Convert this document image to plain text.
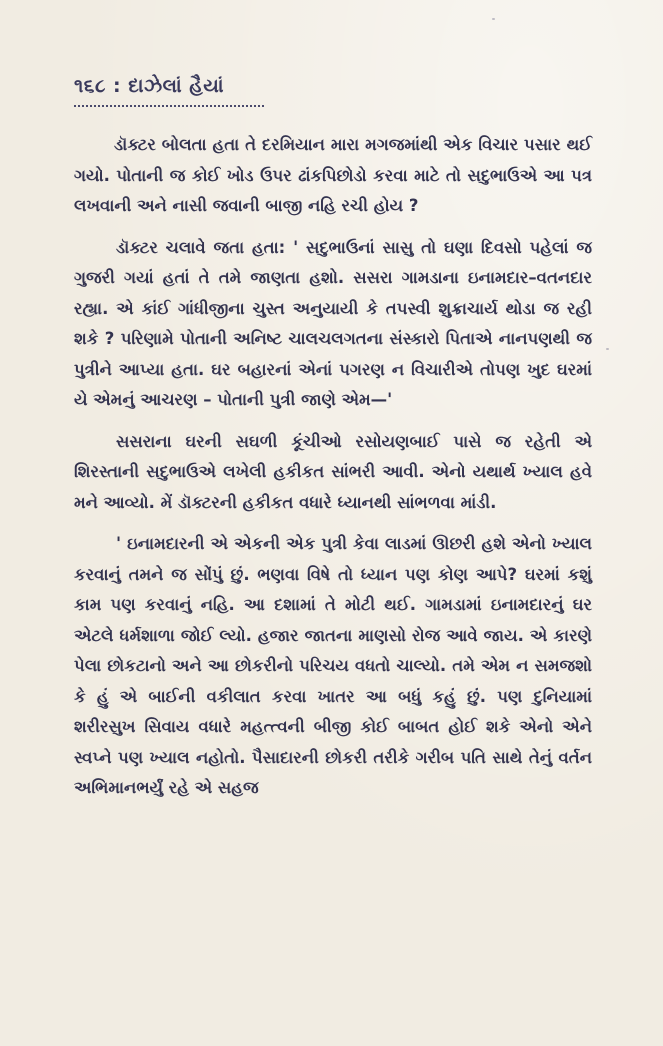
૧૬૮ : દાઝેલાં હૈયાં

ડૉક્ટર બોલતા હતા તે દરમિયાન મારા મગજમાંથી એક વિચાર પસાર થઈ ગયો. પોતાની જ કોઈ ખોડ ઉપર ઢાંકપિછોડો કરવા માટે તો સદુભાઉએ આ પત્ર લખવાની અને નાસી જવાની બાજી નહિ રચી હોય ?

ડૉક્ટર ચલાવે જતા હતા: ' સદુભાઉનાં સાસુ તો ઘણા દિવસો પહેલાં જ ગુજરી ગયાં હતાં તે તમે જાણતા હશો. સસરા ગામડાના ઇનામદાર–વતનદાર રહ્યા. એ કાંઈ ગાંધીજીના ચુસ્ત અનુયાયી કે તપસ્વી શુક્રાચાર્ય થોડા જ રહી શકે ? પરિણામે પોતાની અનિષ્ટ ચાલચલગતના સંસ્કારો પિતાએ નાનપણથી જ પુત્રીને આપ્યા હતા. ઘર બહારનાં એનાં પગરણ ન વિચારીએ તોપણ ખુદ ઘરમાં યે એમનું આચરણ – પોતાની પુત્રી જાણે એમ—'

સસરાના ઘરની સઘળી કૂંચીઓ રસોયણબાઈ પાસે જ રહેતી એ શિરસ્તાની સદુભાઉએ લખેલી હકીકત સાંભરી આવી. એનો યથાર્થ ખ્યાલ હવે મને આવ્યો. મેં ડૉક્ટરની હકીકત વધારે ધ્યાનથી સાંભળવા માંડી.

' ઇનામદારની એ એકની એક પુત્રી કેવા લાડમાં ઊછરી હશે એનો ખ્યાલ કરવાનું તમને જ સોંપું છું. ભણવા વિષે તો ધ્યાન પણ કોણ આપે? ઘરમાં કશું કામ પણ કરવાનું નહિ. આ દશામાં તે મોટી થઈ. ગામડામાં ઇનામદારનું ઘર એટલે ધર્મશાળા જોઈ લ્યો. હજાર જાતના માણસો રોજ આવે જાય. એ કારણે પેલા છોકટાનો અને આ છોકરીનો પરિચય વધતો ચાલ્યો. તમે એમ ન સમજશો કે હું એ બાઈની વકીલાત કરવા ખાતર આ બધું કહું છું. પણ દુનિયામાં શરીરસુખ સિવાય વધારે મહત્ત્વની બીજી કોઈ બાબત હોઈ શકે એનો એને સ્વપ્ને પણ ખ્યાલ નહોતો. પૈસાદારની છોકરી તરીકે ગરીબ પતિ સાથે તેનું વર્તન અભિમાનભર્યું રહે એ સહજ
